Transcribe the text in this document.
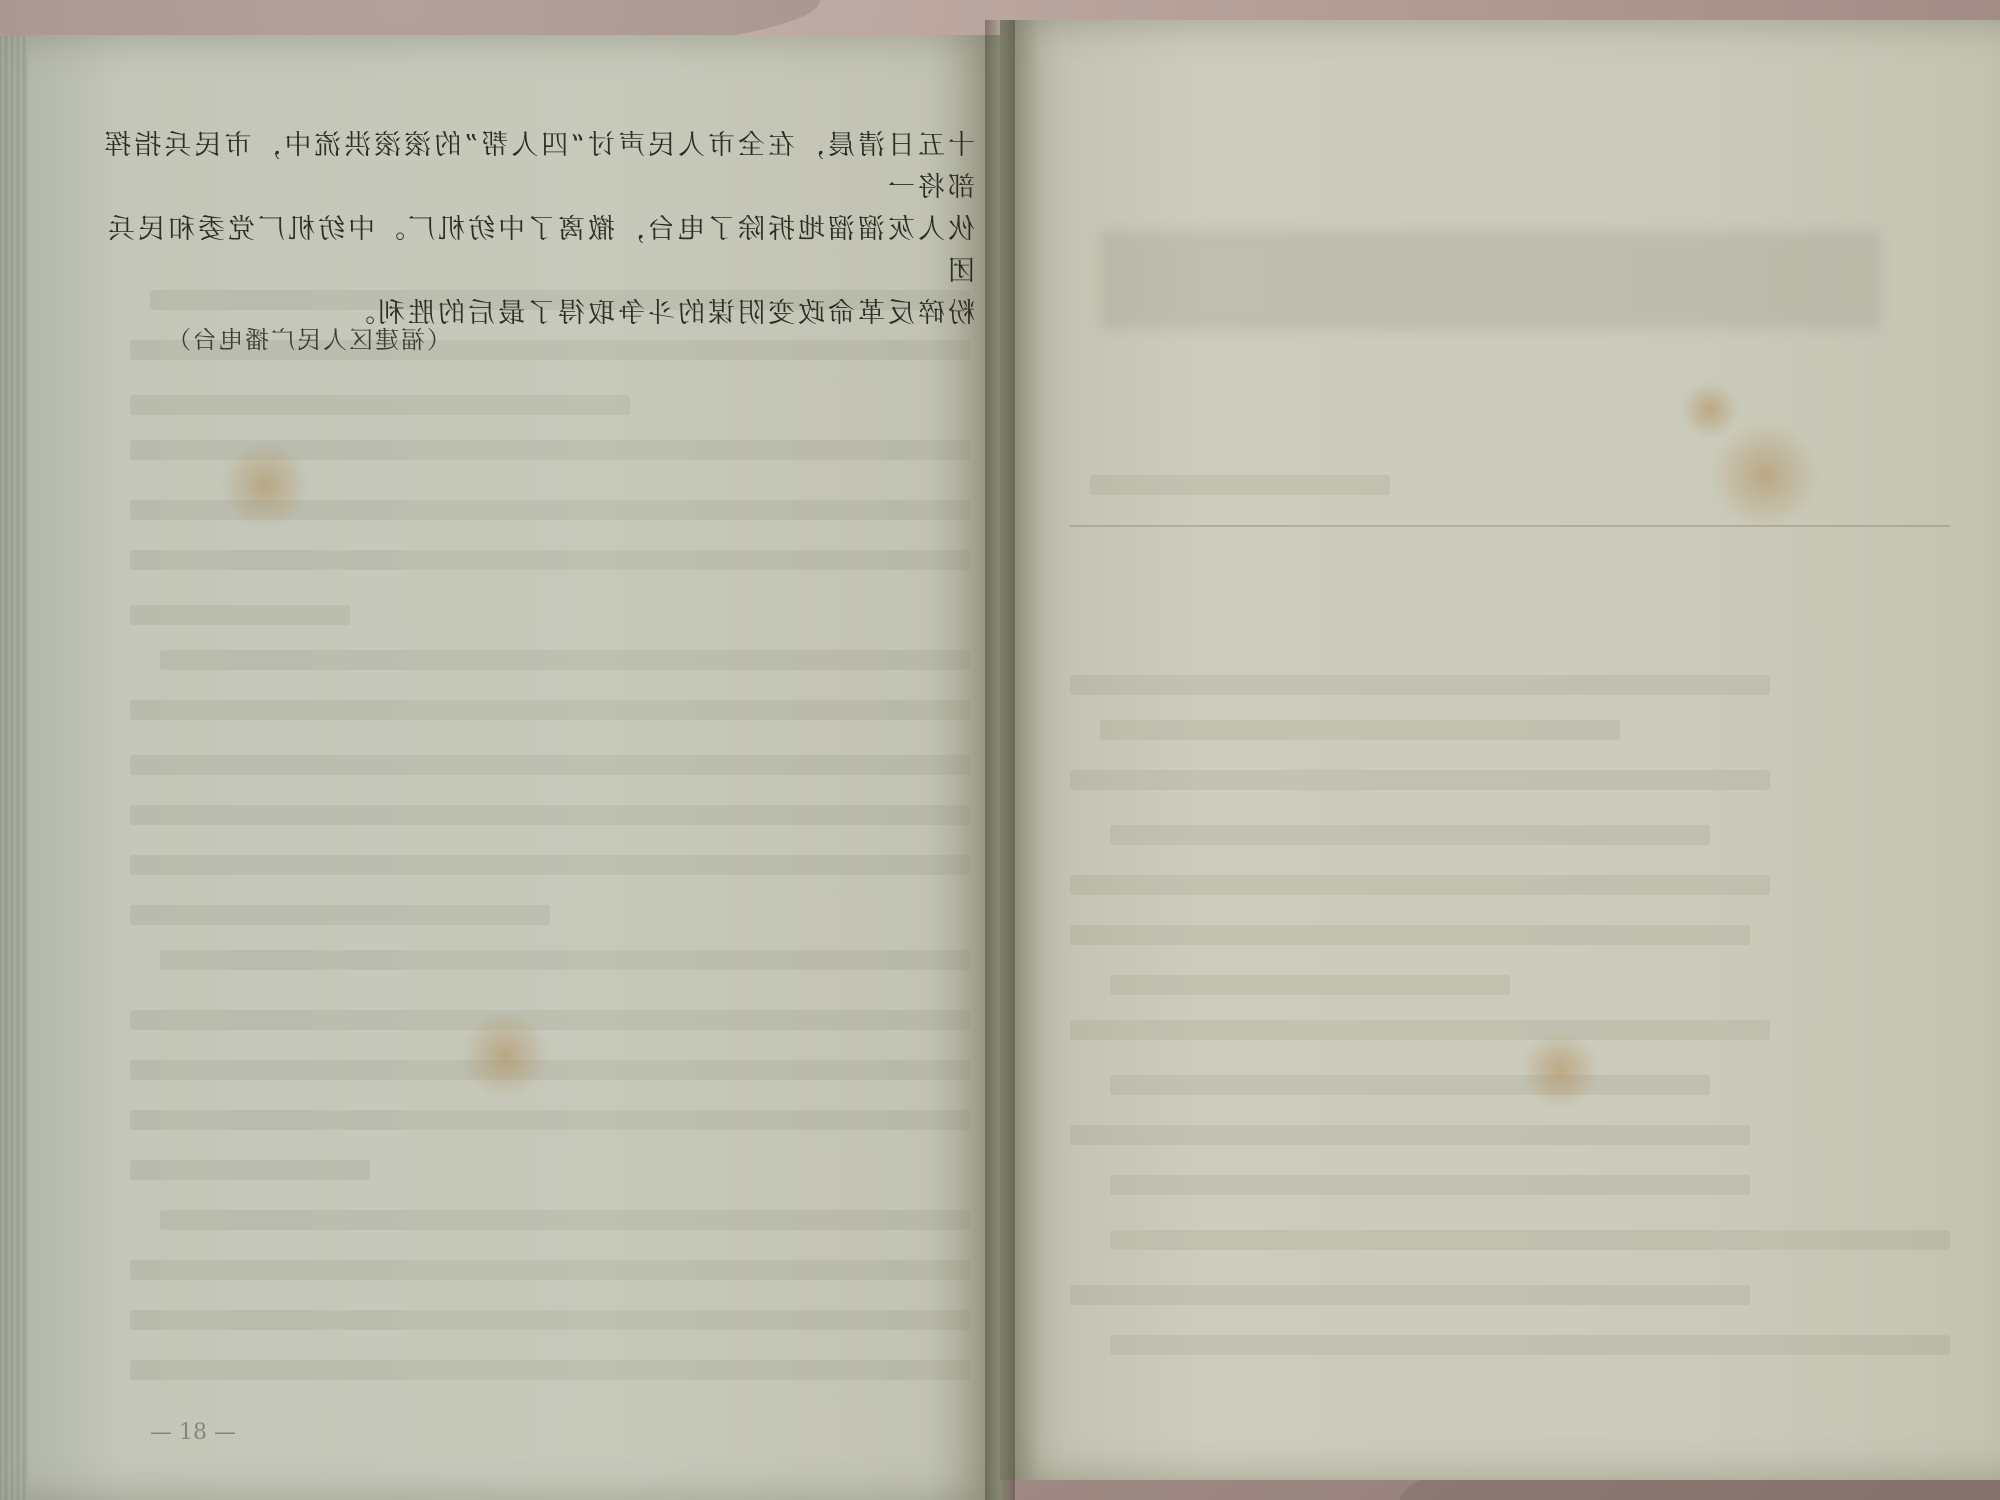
十五日清晨，在全市人民声讨“四人帮”的滚滚洪流中，市民兵指挥部将一

伙人灰溜溜地拆除了电台，撤离了中纺机厂。中纺机厂党委和民兵团

粉碎反革命政变阴谋的斗争取得了最后的胜利。

（福建区人民广播电台）
— 18 —
